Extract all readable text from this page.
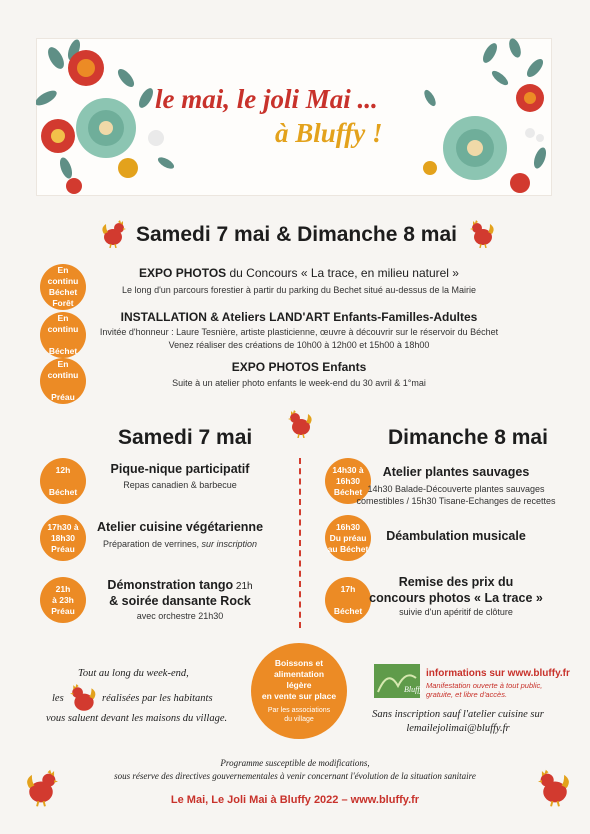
le mai, le joli Mai ...
à Bluffy !
Samedi 7 mai & Dimanche 8 mai
En
continu
Béchet
Forêt
EXPO PHOTOS du Concours « La trace, en milieu naturel »
Le long d'un parcours forestier à partir du parking du Bechet situé au-dessus de la Mairie
En
continu

Béchet
INSTALLATION & Ateliers LAND'ART Enfants-Familles-Adultes
Invitée d'honneur : Laure Tesnière, artiste plasticienne, œuvre à découvrir sur le réservoir du Béchet
Venez réaliser des créations de 10h00 à 12h00 et 15h00 à 18h00
En
continu

Préau
EXPO PHOTOS Enfants
Suite à un atelier photo enfants le week-end du 30 avril & 1°mai
Samedi 7 mai	Dimanche 8 mai
12h

Béchet
Pique-nique participatif
Repas canadien & barbecue
17h30 à
18h30
Préau
Atelier cuisine végétarienne
Préparation de verrines, sur inscription
21h
à 23h
Préau
Démonstration tango 21h
& soirée dansante Rock
avec orchestre 21h30
14h30 à
16h30
Béchet
Atelier plantes sauvages
14h30 Balade-Découverte plantes sauvages
comestibles / 15h30 Tisane-Echanges de recettes
16h30
Du préau
au Béchet
Déambulation musicale
17h

Béchet
Remise des prix du
concours photos « La trace »
suivie d'un apéritif de clôture
Boissons et
alimentation
légère
en vente sur place
Par les associations
du village
Tout au long du week-end,
les	réalisées par les habitants
vous saluent devant les maisons du village.
Bluffy
informations sur www.bluffy.fr
Manifestation ouverte à tout public,
gratuite, et libre d'accès.
Sans inscription sauf l'atelier cuisine sur
lemailejolimai@bluffy.fr
Programme susceptible de modifications,
sous réserve des directives gouvernementales à venir concernant l'évolution de la situation sanitaire
Le Mai, Le Joli Mai à Bluffy 2022 – www.bluffy.fr
